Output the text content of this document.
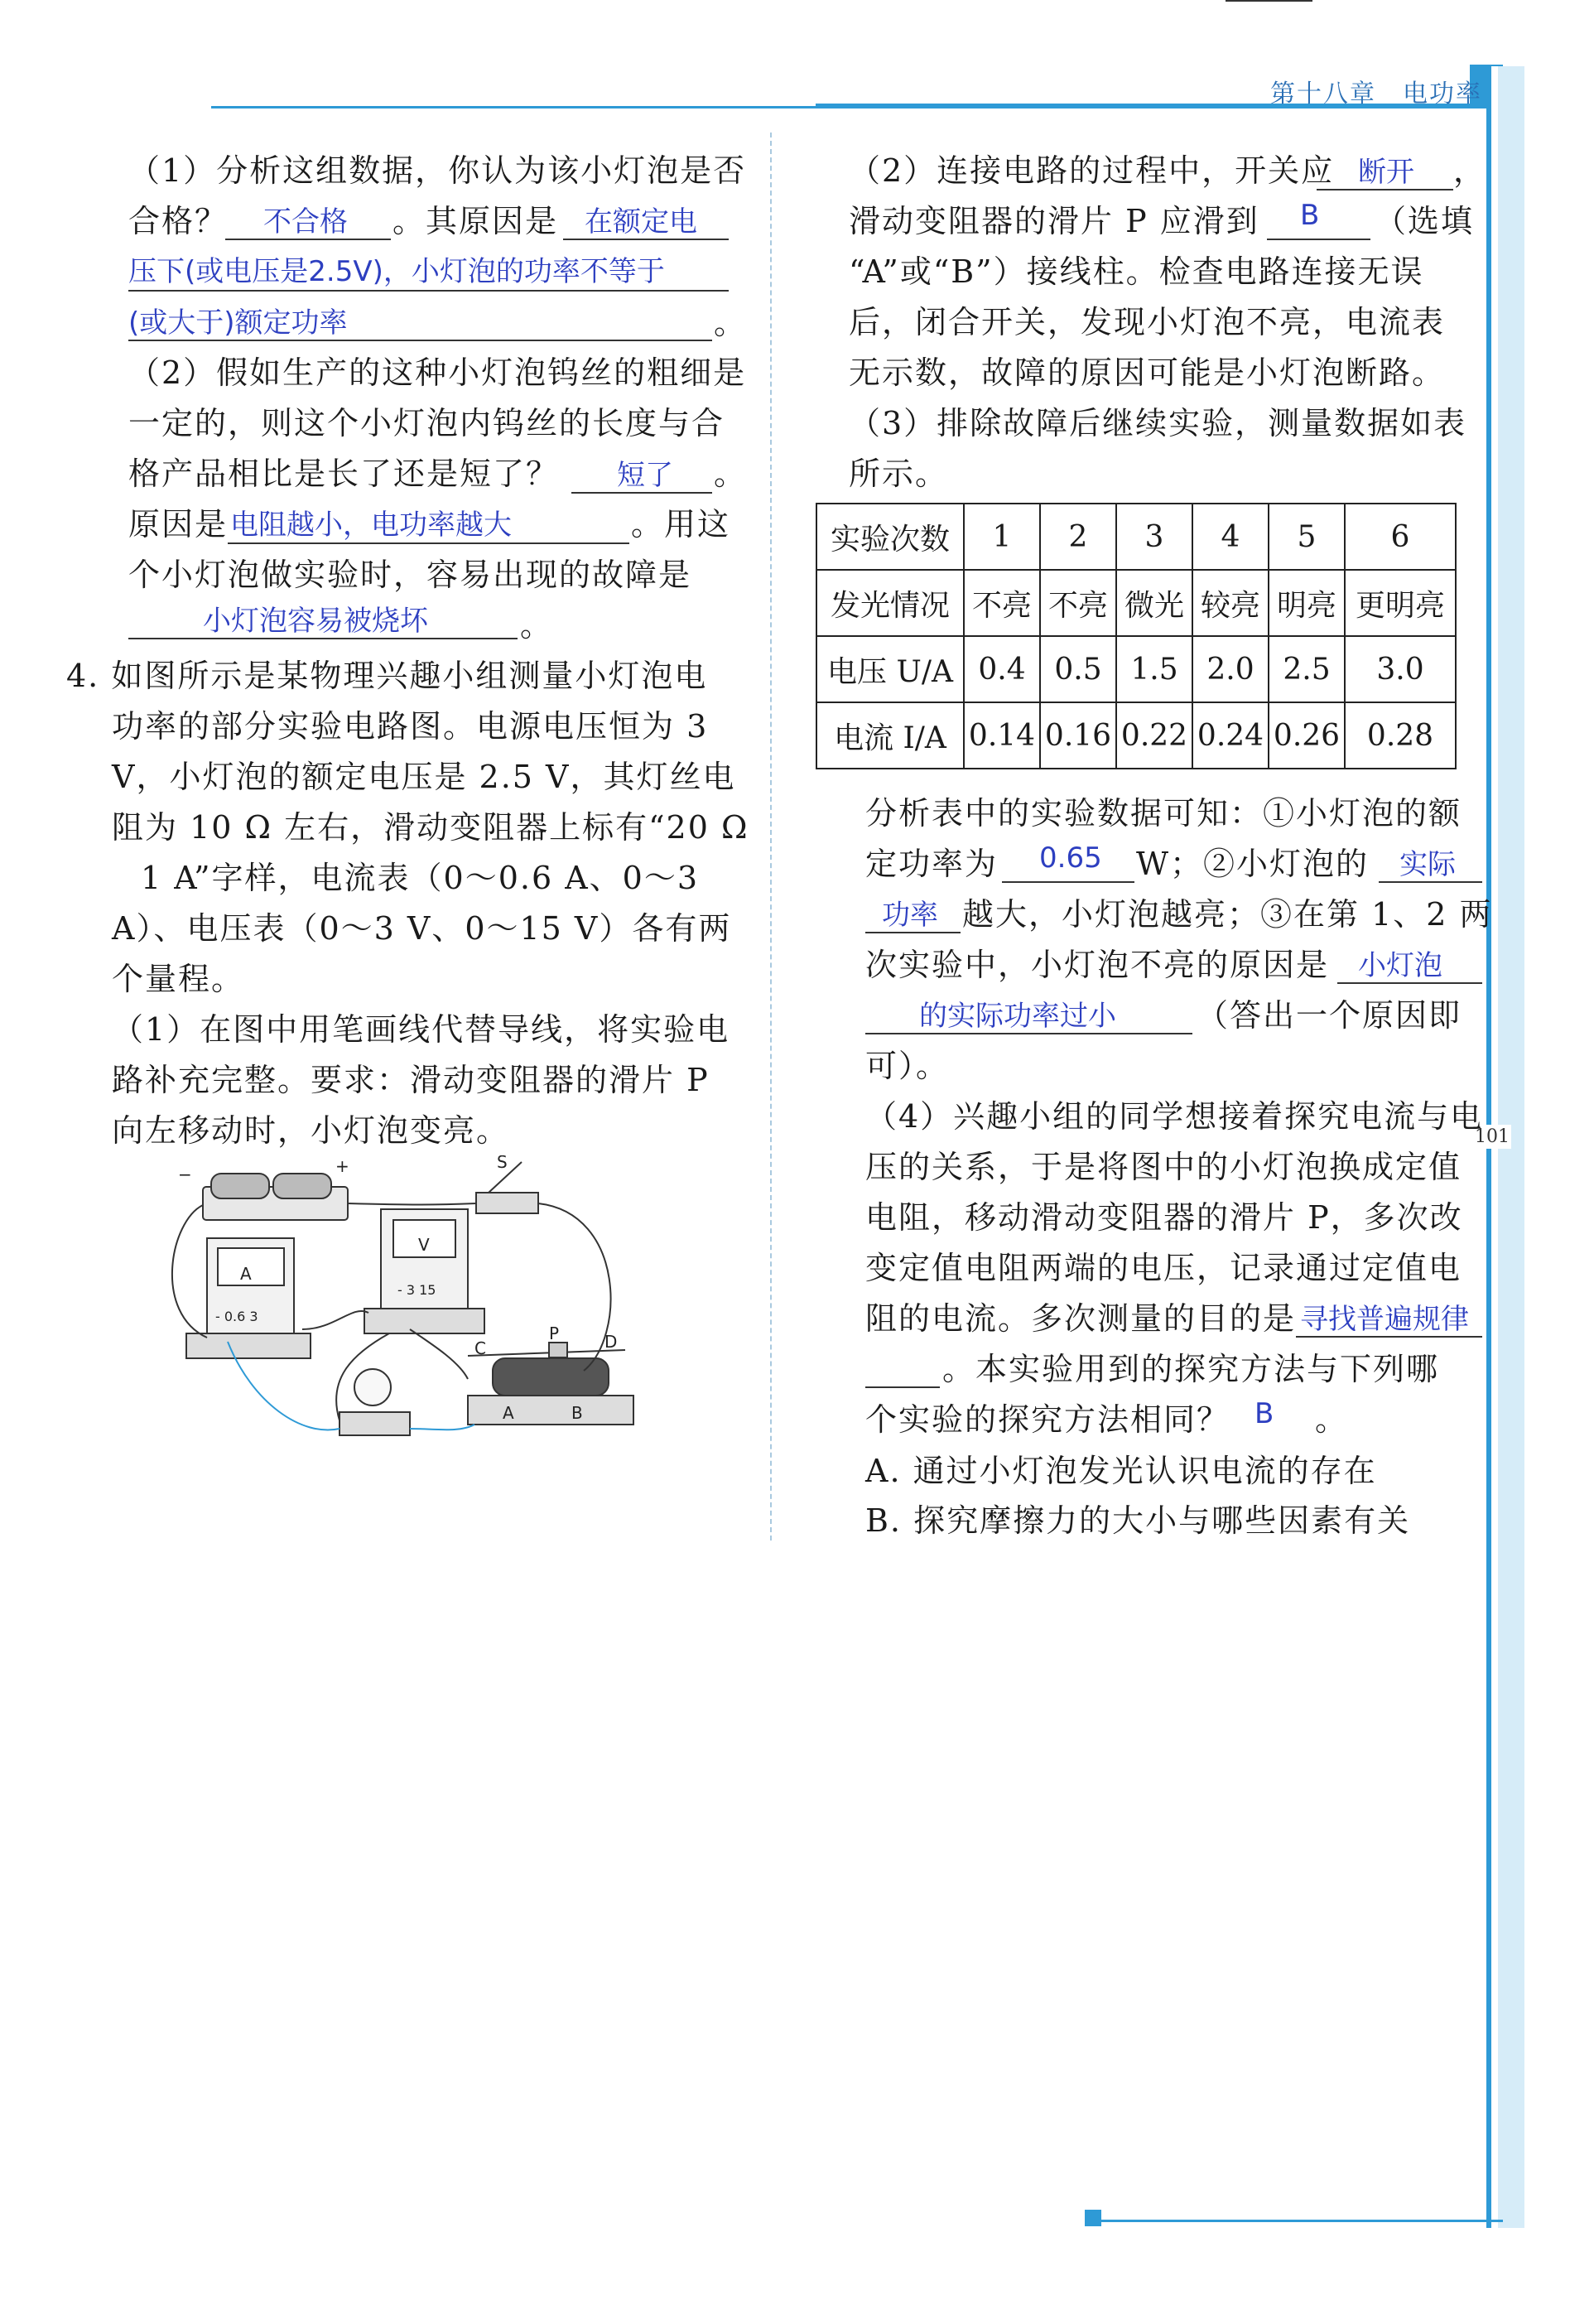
第十八章　电功率
101
（1）分析这组数据，你认为该小灯泡是否
合格？ 不合格 。其原因是 在额定电
压下(或电压是2.5V)，小灯泡的功率不等于
(或大于)额定功率	。
（2）假如生产的这种小灯泡钨丝的粗细是
一定的，则这个小灯泡内钨丝的长度与合
格产品相比是长了还是短了？ 短了 。
原因是 电阻越小，电功率越大	。用这
个小灯泡做实验时，容易出现的故障是
小灯泡容易被烧坏	。
4. 如图所示是某物理兴趣小组测量小灯泡电
功率的部分实验电路图。电源电压恒为 3
V，小灯泡的额定电压是 2.5 V，其灯丝电
阻为 10 Ω 左右，滑动变阻器上标有“20 Ω
1 A”字样，电流表（0～0.6 A、0～3
A）、电压表（0～3 V、0～15 V）各有两
个量程。
（1）在图中用笔画线代替导线，将实验电
路补充完整。要求：滑动变阻器的滑片 P
向左移动时，小灯泡变亮。
−	+	S
A
- 0.6 3
V
- 3 15
C
P	D
A	B
（2）连接电路的过程中，开关应 断开 ，
滑动变阻器的滑片 P 应滑到 B （选填
“A”或“B”）接线柱。检查电路连接无误
后，闭合开关，发现小灯泡不亮，电流表
无示数，故障的原因可能是小灯泡断路。
（3）排除故障后继续实验，测量数据如表
所示。
实验次数	1	2	3	4	5	6
发光情况	不亮	不亮	微光	较亮	明亮	更明亮
电压 U/A	0.4	0.5	1.5	2.0	2.5	3.0
电流 I/A	0.14	0.16	0.22	0.24	0.26	0.28
分析表中的实验数据可知：①小灯泡的额
定功率为 0.65 W；②小灯泡的 实际
功率 越大，小灯泡越亮；③在第 1、2 两
次实验中，小灯泡不亮的原因是 小灯泡
的实际功率过小	（答出一个原因即
可）。
（4）兴趣小组的同学想接着探究电流与电
压的关系，于是将图中的小灯泡换成定值
电阻，移动滑动变阻器的滑片 P，多次改
变定值电阻两端的电压，记录通过定值电
阻的电流。多次测量的目的是 寻找普遍规律
。本实验用到的探究方法与下列哪
个实验的探究方法相同？ B 。
A. 通过小灯泡发光认识电流的存在
B. 探究摩擦力的大小与哪些因素有关
